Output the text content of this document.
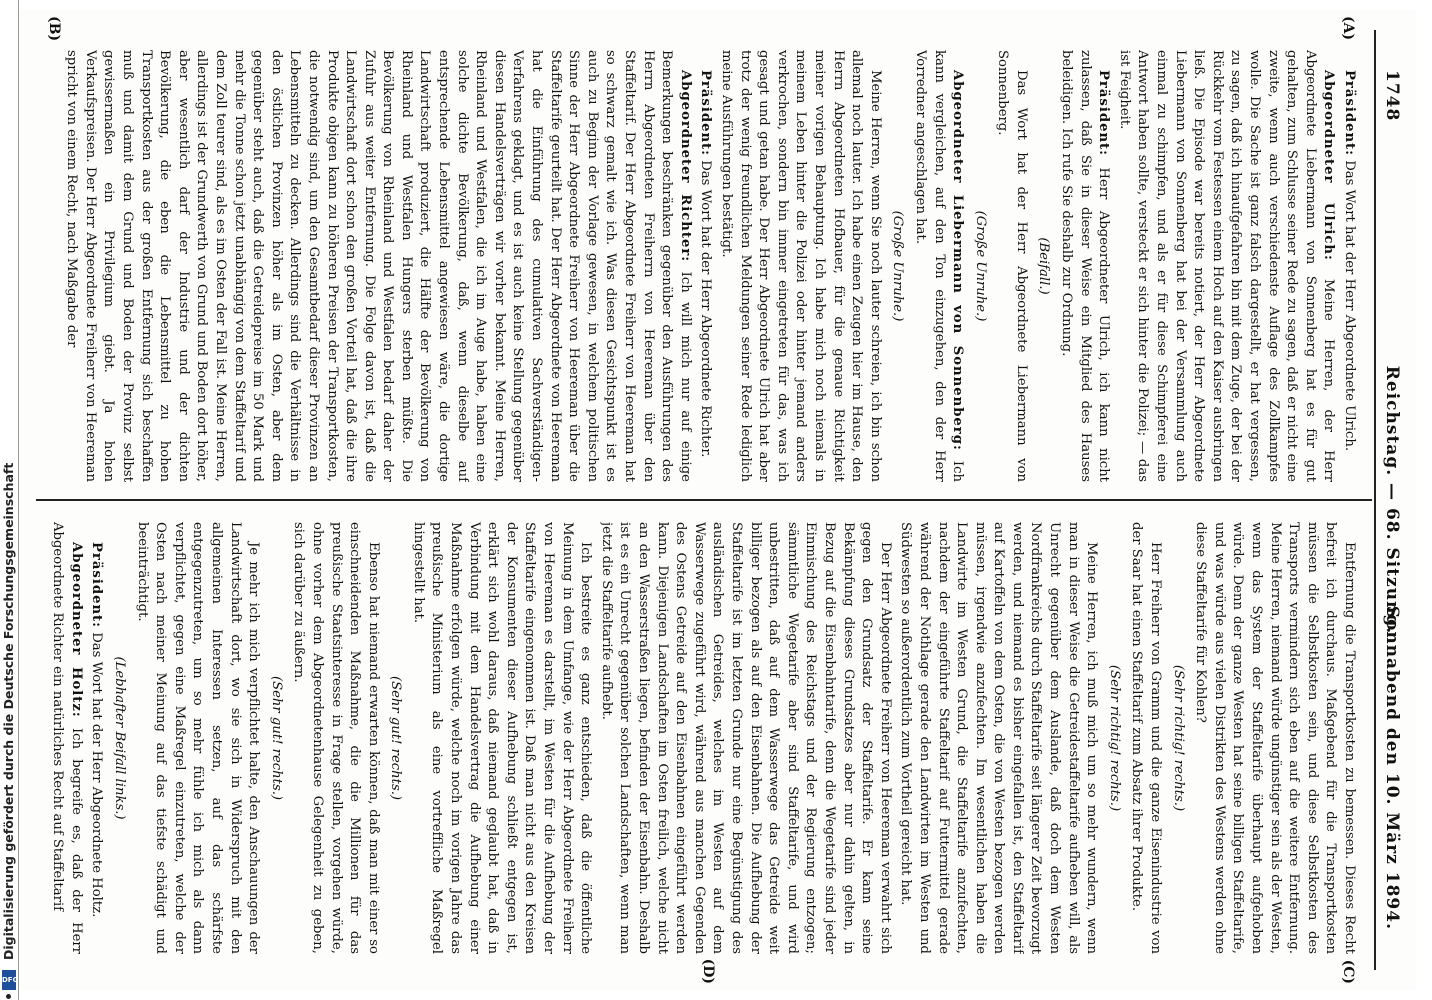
1748
Reichstag. — 68. Sitzung.
Sonnabend den 10. März 1894.
(A)
(B)
(C)
(D)

Präsident: Das Wort hat der Herr Abgeordnete Ulrich.

Abgeordneter Ulrich: Meine Herren, der Herr Abgeordnete Liebermann von Sonnenberg hat es für gut gehalten, zum Schlusse seiner Rede zu sagen, daß er nicht eine zweite, wenn auch verschiedenste Auflage des Zollkampfes wolle. Die Sache ist ganz falsch dargestellt, er hat vergessen, zu sagen, daß ich hinaufgefahren bin mit dem Zuge, der bei der Rückkehr vom Festessen einem Hoch auf den Kaiser ausbringen ließ. Die Episode war bereits notiert, der Herr Abgeordnete Liebermann von Sonnenberg hat bei der Versammlung auch einmal zu schimpfen, und als er für diese Schimpferei eine Antwort haben sollte, versteckt er sich hinter die Polizei; — das ist Feigheit.

Präsident: Herr Abgeordneter Ulrich, ich kann nicht zulassen, daß Sie in dieser Weise ein Mitglied des Hauses beleidigen. Ich rufe Sie deshalb zur Ordnung.

(Beifall.)

Das Wort hat der Herr Abgeordnete Liebermann von Sonnenberg.

(Große Unruhe.)

Abgeordneter Liebermann von Sonnenberg: Ich kann vergleichen, auf den Ton einzugehen, den der Herr Vorredner angeschlagen hat.

(Große Unruhe.)

Meine Herren, wenn Sie noch lauter schreien, ich bin schon allemal noch lauter. Ich habe einen Zeugen hier im Hause, den Herrn Abgeordneten Hofbauer, für die genaue Richtigkeit meiner vorigen Behauptung. Ich habe mich noch niemals in meinem Leben hinter die Polizei oder hinter jemand anders verkrochen, sondern bin immer eingetreten für das, was ich gesagt und getan habe. Der Herr Abgeordnete Ulrich hat aber trotz der wenig freundlichen Meldungen seiner Rede lediglich meine Ausführungen bestätigt.

Präsident: Das Wort hat der Herr Abgeordnete Richter.

Abgeordneter Richter: Ich will mich nur auf einige Bemerkungen beschränken gegenüber den Ausführungen des Herrn Abgeordneten Freiherrn von Heereman über den Staffeltarif. Der Herr Abgeordnete Freiherr von Heereman hat so schwarz gemalt wie ich. Was diesen Gesichtspunkt ist es auch zu Beginn der Vorlage gewesen, in welchem politischen Sinne der Herr Abgeordnete Freiherr von Heereman über die Staffeltarife geurteilt hat. Der Herr Abgeordnete von Heereman hat die Einführung des cumulativen Sachverständigen-Verfahrens geklagt, und es ist auch keine Stellung gegenüber diesen Handelsverträgen wir vorher bekannt. Meine Herren, Rheinland und Westfalen, die ich im Auge habe, haben eine solche dichte Bevölkerung, daß, wenn dieselbe auf entsprechende Lebensmittel angewiesen wäre, die dortige Landwirtschaft produziert, die Hälfte der Bevölkerung von Rheinland und Westfalen Hungers sterben müßte. Die Bevölkerung von Rheinland und Westfalen bedarf daher der Zufuhr aus weiter Entfernung. Die Folge davon ist, daß die Landwirtschaft dort schon den großen Vorteil hat, daß die ihre Produkte obigen kann zu höheren Preisen der Transportkosten, die notwendig sind, um den Gesamtbedarf dieser Provinzen an Lebensmitteln zu decken. Allerdings sind die Verhältnisse in den östlichen Provinzen höher als im Osten, aber dem gegenüber steht auch, daß die Getreidepreise im 50 Mark und mehr die Tonne schon jetzt unabhängig von dem Staffeltarif und dem Zoll teurer sind, als es im Osten der Fall ist. Meine Herren, allerdings ist der Grundwerth von Grund und Boden dort höher, aber wesentlich darf der Industrie und der dichten Bevölkerung, die eben die Lebensmittel zu hohen Transportkosten aus der großen Entfernung sich beschaffen muß und damit dem Grund und Boden der Provinz selbst gewissermaßen ein Privilegium giebt. Ja hohen Verkaufspreisen. Der Herr Abgeordnete Freiherr von Heereman spricht von einem Recht, nach Maßgabe der

Entfernung die Transportkosten zu bemessen. Dieses Recht befreit ich durchaus. Maßgebend für die Transportkosten müssen die Selbstkosten sein, und diese Selbstkosten des Transports vermindern sich eben auf die weitere Entfernung. Meine Herren, niemand würde ungünstiger sein als der Westen, wenn das System der Staffeltarife überhaupt aufgehoben würde. Denn der ganze Westen hat seine billigen Staffeltarife, und was würde aus vielen Distrikten des Westens werden ohne diese Staffeltarife für Kohlen?

(Sehr richtig! rechts.)

Herr Freiherr von Gramm und die ganze Eisenindustrie von der Saar hat einen Staffeltarif zum Absatz ihrer Produkte.

(Sehr richtig! rechts.)

Meine Herren, ich muß mich um so mehr wundern, wenn man in dieser Weise die Getreidestaffeltarife aufheben will, als Unrecht gegenüber dem Auslande, daß doch dem Westen Nordfrankreichs durch Staffeltarife seit längerer Zeit bevorzugt werden, und niemand es bisher eingefallen ist, den Staffeltarif auf Kartoffeln von dem Osten, die von Westen bezogen werden müssen, irgendwie anzufechten. Im wesentlichen haben die Landwirte im Westen Grund, die Staffeltarife anzufechten, nachdem der eingeführte Staffeltarif auf Futtermittel gerade während der Nothlage gerade den Landwirten im Westen und Südwesten so außerordentlich zum Vortheil gereicht hat.

Der Herr Abgeordnete Freiherr von Heereman verwahrt sich gegen den Grundsatz der Staffeltarife. Er kann seine Bekämpfung dieses Grundsatzes aber nur dahin gelten, in Bezug auf die Eisenbahntarife, denn die Wegetarife sind jeder Einmischung des Reichstags und der Regierung entzogen; sämmtliche Wegetarife aber sind Staffeltarife, und wird unbestritten, daß auf dem Wasserwege das Getreide weit billiger bezogen als auf den Eisenbahnen. Die Aufhebung der Staffeltarife ist im letzten Grunde nur eine Begünstigung des ausländischen Getreides, welches im Westen auf dem Wasserwege zugeführt wird, während aus manchen Gegenden des Ostens Getreide auf den Eisenbahnen eingeführt werden kann. Diejenigen Landschaften im Osten freilich, welche nicht an den Wasserstraßen liegen, befinden der Eisenbahn. Deshalb ist es ein Unrecht gegenüber solchen Landschaften, wenn man jetzt die Staffeltarife aufhebt.

Ich bestreite es ganz entschieden, daß die öffentliche Meinung in dem Umfange, wie der Herr Abgeordnete Freiherr von Heereman es darstellt, im Westen für die Aufhebung der Staffeltarife eingenommen ist. Daß man nicht aus den Kreisen der Konsumenten dieser Aufhebung schließt entgegen ist, erklärt sich wohl daraus, daß niemand geglaubt hat, daß in Verbindung mit dem Handelsvertrag die Aufhebung einer Maßnahme erfolgen würde, welche noch im vorigen Jahre das preußische Ministerium als eine vortreffliche Maßregel hingestellt hat.

(Sehr gut! rechts.)

Ebenso hat niemand erwarten können, daß man mit einer so einschneidenden Maßnahme, die die Millionen für das preußische Staatsinteresse in Frage stellen, vorgehen würde, ohne vorher dem Abgeordnetenhause Gelegenheit zu geben, sich darüber zu äußern.

(Sehr gut! rechts.)

Je mehr ich mich verpflichtet halte, den Anschauungen der Landwirtschaft dort, wo sie sich in Widerspruch mit den allgemeinen Interessen setzen, auf das schärfste entgegenzutreten, um so mehr fühle ich mich als dann verpflichtet, gegen eine Maßregel einzutreten, welche der Osten nach meiner Meinung auf das tiefste schädigt und beeinträchtigt.

(Lebhafter Beifall links.)

Präsident: Das Wort hat der Herr Abgeordnete Holtz.

Abgeordneter Holtz: Ich begreife es, daß der Herr Abgeordnete Richter ein natürliches Recht auf Staffeltarif

Digitalisierung gefördert durch die Deutsche Forschungsgemeinschaft
DFG
